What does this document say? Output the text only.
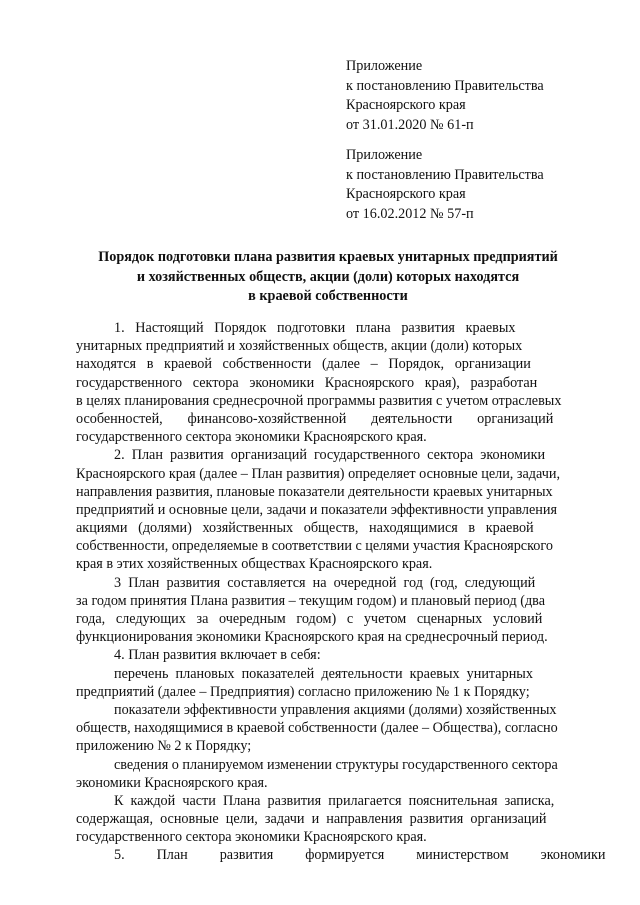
Приложение
к постановлению Правительства
Красноярского края
от 31.01.2020 № 61-п
Приложение
к постановлению Правительства
Красноярского края
от 16.02.2012 № 57-п
Порядок подготовки плана развития краевых унитарных предприятий
и хозяйственных обществ, акции (доли) которых находятся
в краевой собственности
1.   Настоящий   Порядок   подготовки   плана   развития   краевых
унитарных предприятий и хозяйственных обществ, акции (доли) которых
находятся   в   краевой   собственности   (далее   –   Порядок,   организации
государственного   сектора   экономики   Красноярского   края),   разработан
в целях планирования среднесрочной программы развития с учетом отраслевых
особенностей,       финансово-хозяйственной       деятельности       организаций
государственного сектора экономики Красноярского края.
2.  План  развития  организаций  государственного  сектора  экономики
Красноярского края (далее – План развития) определяет основные цели, задачи,
направления развития, плановые показатели деятельности краевых унитарных
предприятий и основные цели, задачи и показатели эффективности управления
акциями   (долями)   хозяйственных   обществ,   находящимися   в   краевой
собственности, определяемые в соответствии с целями участия Красноярского
края в этих хозяйственных обществах Красноярского края.
3  План  развития  составляется  на  очередной  год  (год,  следующий
за годом принятия Плана развития – текущим годом) и плановый период (два
года,   следующих   за   очередным   годом)   с   учетом   сценарных   условий
функционирования экономики Красноярского края на среднесрочный период.
4. План развития включает в себя:
перечень  плановых  показателей  деятельности  краевых  унитарных
предприятий (далее – Предприятия) согласно приложению № 1 к Порядку;
показатели эффективности управления акциями (долями) хозяйственных
обществ, находящимися в краевой собственности (далее – Общества), согласно
приложению № 2 к Порядку;
сведения о планируемом изменении структуры государственного сектора
экономики Красноярского края.
К  каждой  части  Плана  развития  прилагается  пояснительная  записка,
содержащая,  основные  цели,  задачи  и  направления  развития  организаций
государственного сектора экономики Красноярского края.
5.         План         развития         формируется         министерством         экономики
